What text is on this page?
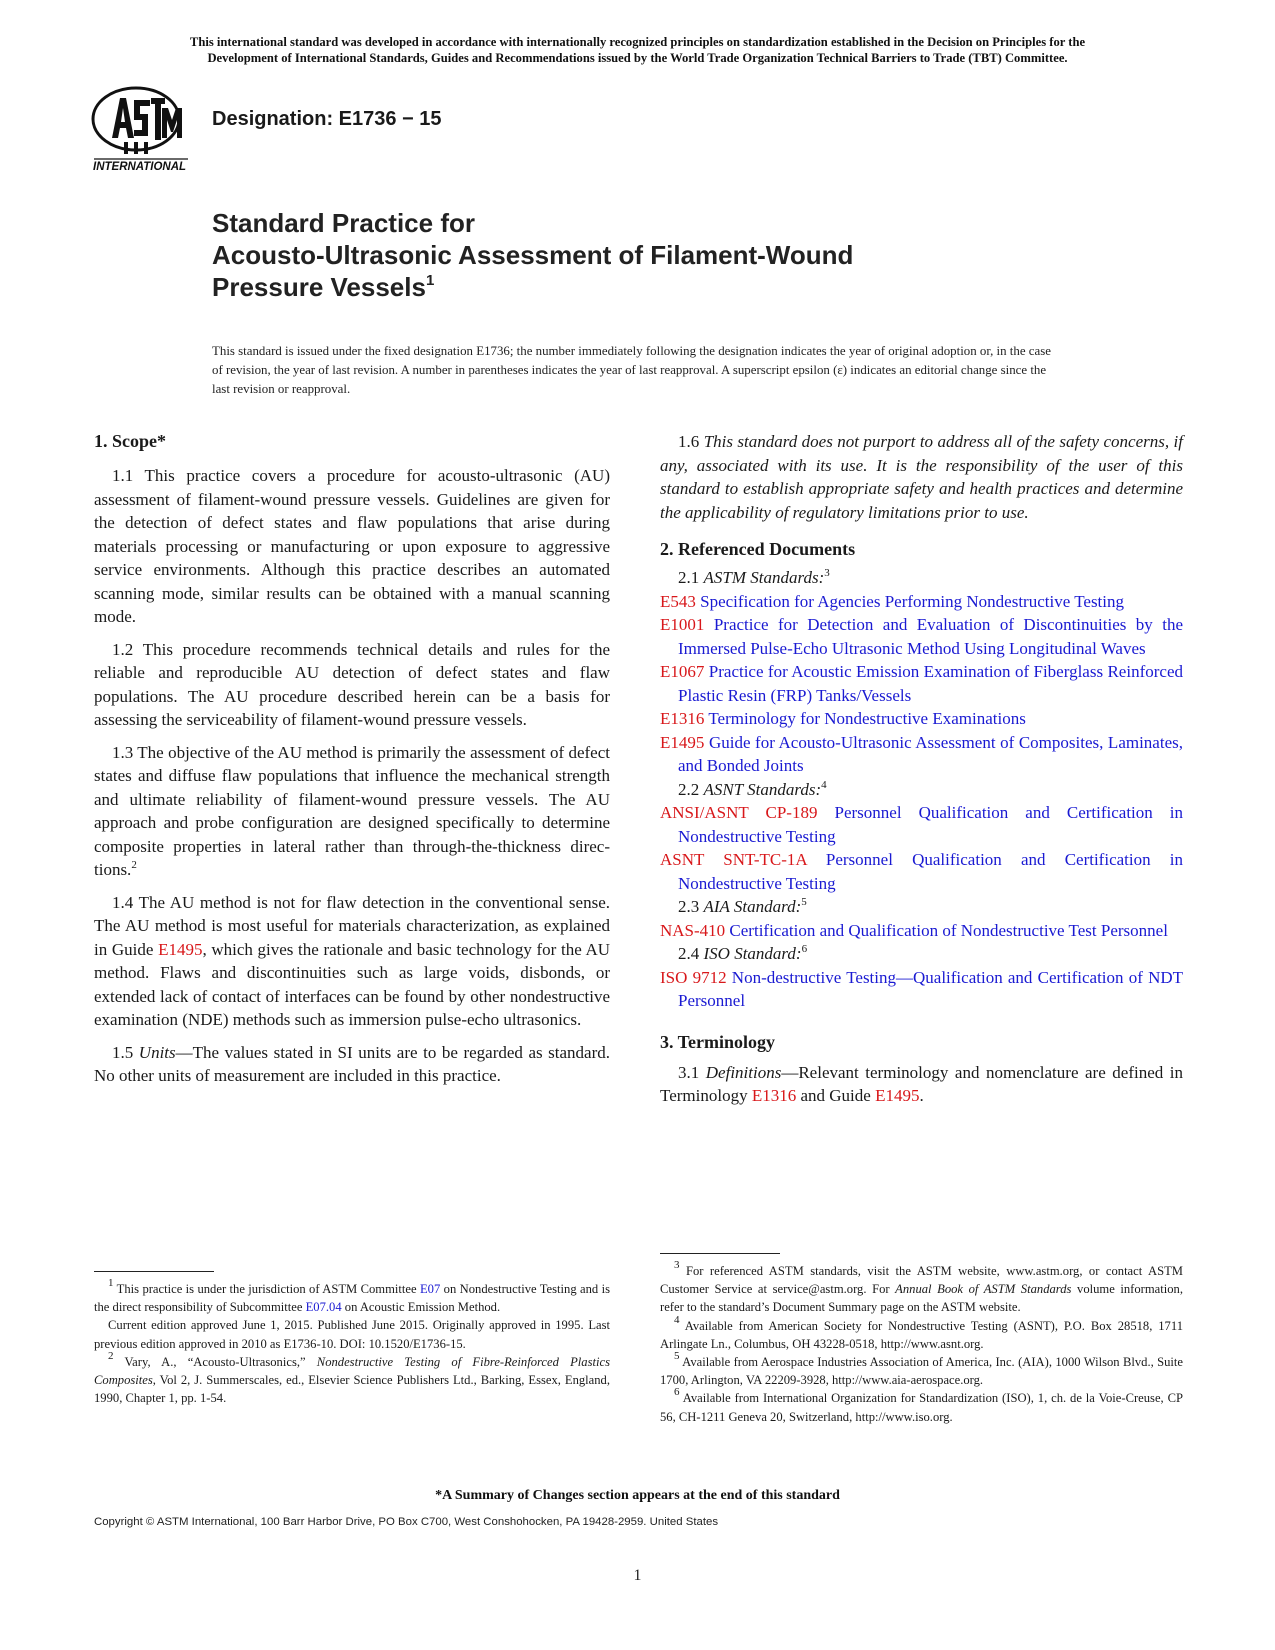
This international standard was developed in accordance with internationally recognized principles on standardization established in the Decision on Principles for the
Development of International Standards, Guides and Recommendations issued by the World Trade Organization Technical Barriers to Trade (TBT) Committee.
INTERNATIONAL
Designation: E1736 − 15
Standard Practice for
Acousto-Ultrasonic Assessment of Filament-Wound
Pressure Vessels$^1$
This standard is issued under the fixed designation E1736; the number immediately following the designation indicates the year of original adoption or, in the case of revision, the year of last revision. A number in parentheses indicates the year of last reapproval. A superscript epsilon (ε) indicates an editorial change since the last revision or reapproval.
1. Scope*

1.1 This practice covers a procedure for acousto-ultrasonic (AU) assessment of filament-wound pressure vessels. Guidelines are given for the detection of defect states and flaw populations that arise during materials processing or manufacturing or upon exposure to aggressive service environments. Although this practice describes an automated scanning mode, similar results can be obtained with a manual scanning mode.

1.2 This procedure recommends technical details and rules for the reliable and reproducible AU detection of defect states and flaw populations. The AU procedure described herein can be a basis for assessing the serviceability of filament-wound pressure vessels.

1.3 The objective of the AU method is primarily the assessment of defect states and diffuse flaw populations that influence the mechanical strength and ultimate reliability of filament-wound pressure vessels. The AU approach and probe configuration are designed specifically to determine composite properties in lateral rather than through-the-thickness directions.$^2$

1.4 The AU method is not for flaw detection in the conventional sense. The AU method is most useful for materials characterization, as explained in Guide E1495, which gives the rationale and basic technology for the AU method. Flaws and discontinuities such as large voids, disbonds, or extended lack of contact of interfaces can be found by other nondestructive examination (NDE) methods such as immersion pulse-echo ultrasonics.

1.5 Units—The values stated in SI units are to be regarded as standard. No other units of measurement are included in this practice.

1.6 This standard does not purport to address all of the safety concerns, if any, associated with its use. It is the responsibility of the user of this standard to establish appropriate safety and health practices and determine the applicability of regulatory limitations prior to use.

2. Referenced Documents

2.1 ASTM Standards:$^3$

E543 Specification for Agencies Performing Nondestructive Testing

E1001 Practice for Detection and Evaluation of Discontinuities by the Immersed Pulse-Echo Ultrasonic Method Using Longitudinal Waves

E1067 Practice for Acoustic Emission Examination of Fiberglass Reinforced Plastic Resin (FRP) Tanks/Vessels

E1316 Terminology for Nondestructive Examinations

E1495 Guide for Acousto-Ultrasonic Assessment of Composites, Laminates, and Bonded Joints

2.2 ASNT Standards:$^4$

ANSI/ASNT CP-189 Personnel Qualification and Certification in Nondestructive Testing

ASNT SNT-TC-1A Personnel Qualification and Certification in Nondestructive Testing

2.3 AIA Standard:$^5$

NAS-410 Certification and Qualification of Nondestructive Test Personnel

2.4 ISO Standard:$^6$

ISO 9712 Non-destructive Testing—Qualification and Certification of NDT Personnel

3. Terminology

3.1 Definitions—Relevant terminology and nomenclature are defined in Terminology E1316 and Guide E1495.

$^1$ This practice is under the jurisdiction of ASTM Committee E07 on Nondestructive Testing and is the direct responsibility of Subcommittee E07.04 on Acoustic Emission Method.

Current edition approved June 1, 2015. Published June 2015. Originally approved in 1995. Last previous edition approved in 2010 as E1736-10. DOI: 10.1520/E1736-15.

$^2$ Vary, A., “Acousto-Ultrasonics,” Nondestructive Testing of Fibre-Reinforced Plastics Composites, Vol 2, J. Summerscales, ed., Elsevier Science Publishers Ltd., Barking, Essex, England, 1990, Chapter 1, pp. 1-54.

$^3$ For referenced ASTM standards, visit the ASTM website, www.astm.org, or contact ASTM Customer Service at service@astm.org. For Annual Book of ASTM Standards volume information, refer to the standard’s Document Summary page on the ASTM website.

$^4$ Available from American Society for Nondestructive Testing (ASNT), P.O. Box 28518, 1711 Arlingate Ln., Columbus, OH 43228-0518, http://www.asnt.org.

$^5$ Available from Aerospace Industries Association of America, Inc. (AIA), 1000 Wilson Blvd., Suite 1700, Arlington, VA 22209-3928, http://www.aia-aerospace.org.

$^6$ Available from International Organization for Standardization (ISO), 1, ch. de la Voie-Creuse, CP 56, CH-1211 Geneva 20, Switzerland, http://www.iso.org.

*A Summary of Changes section appears at the end of this standard
Copyright © ASTM International, 100 Barr Harbor Drive, PO Box C700, West Conshohocken, PA 19428-2959. United States
1
